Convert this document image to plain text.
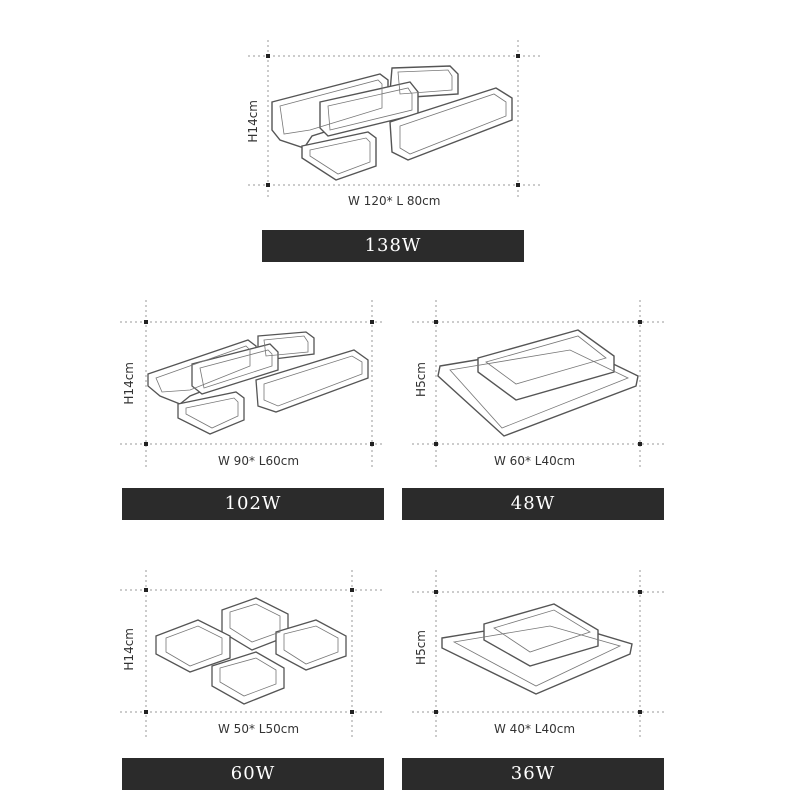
H14cm
W 120* L 80cm
138W
H14cm
W 90* L60cm
102W
H5cm
W 60* L40cm
48W
H14cm
W 50* L50cm
60W
H5cm
W 40* L40cm
36W
